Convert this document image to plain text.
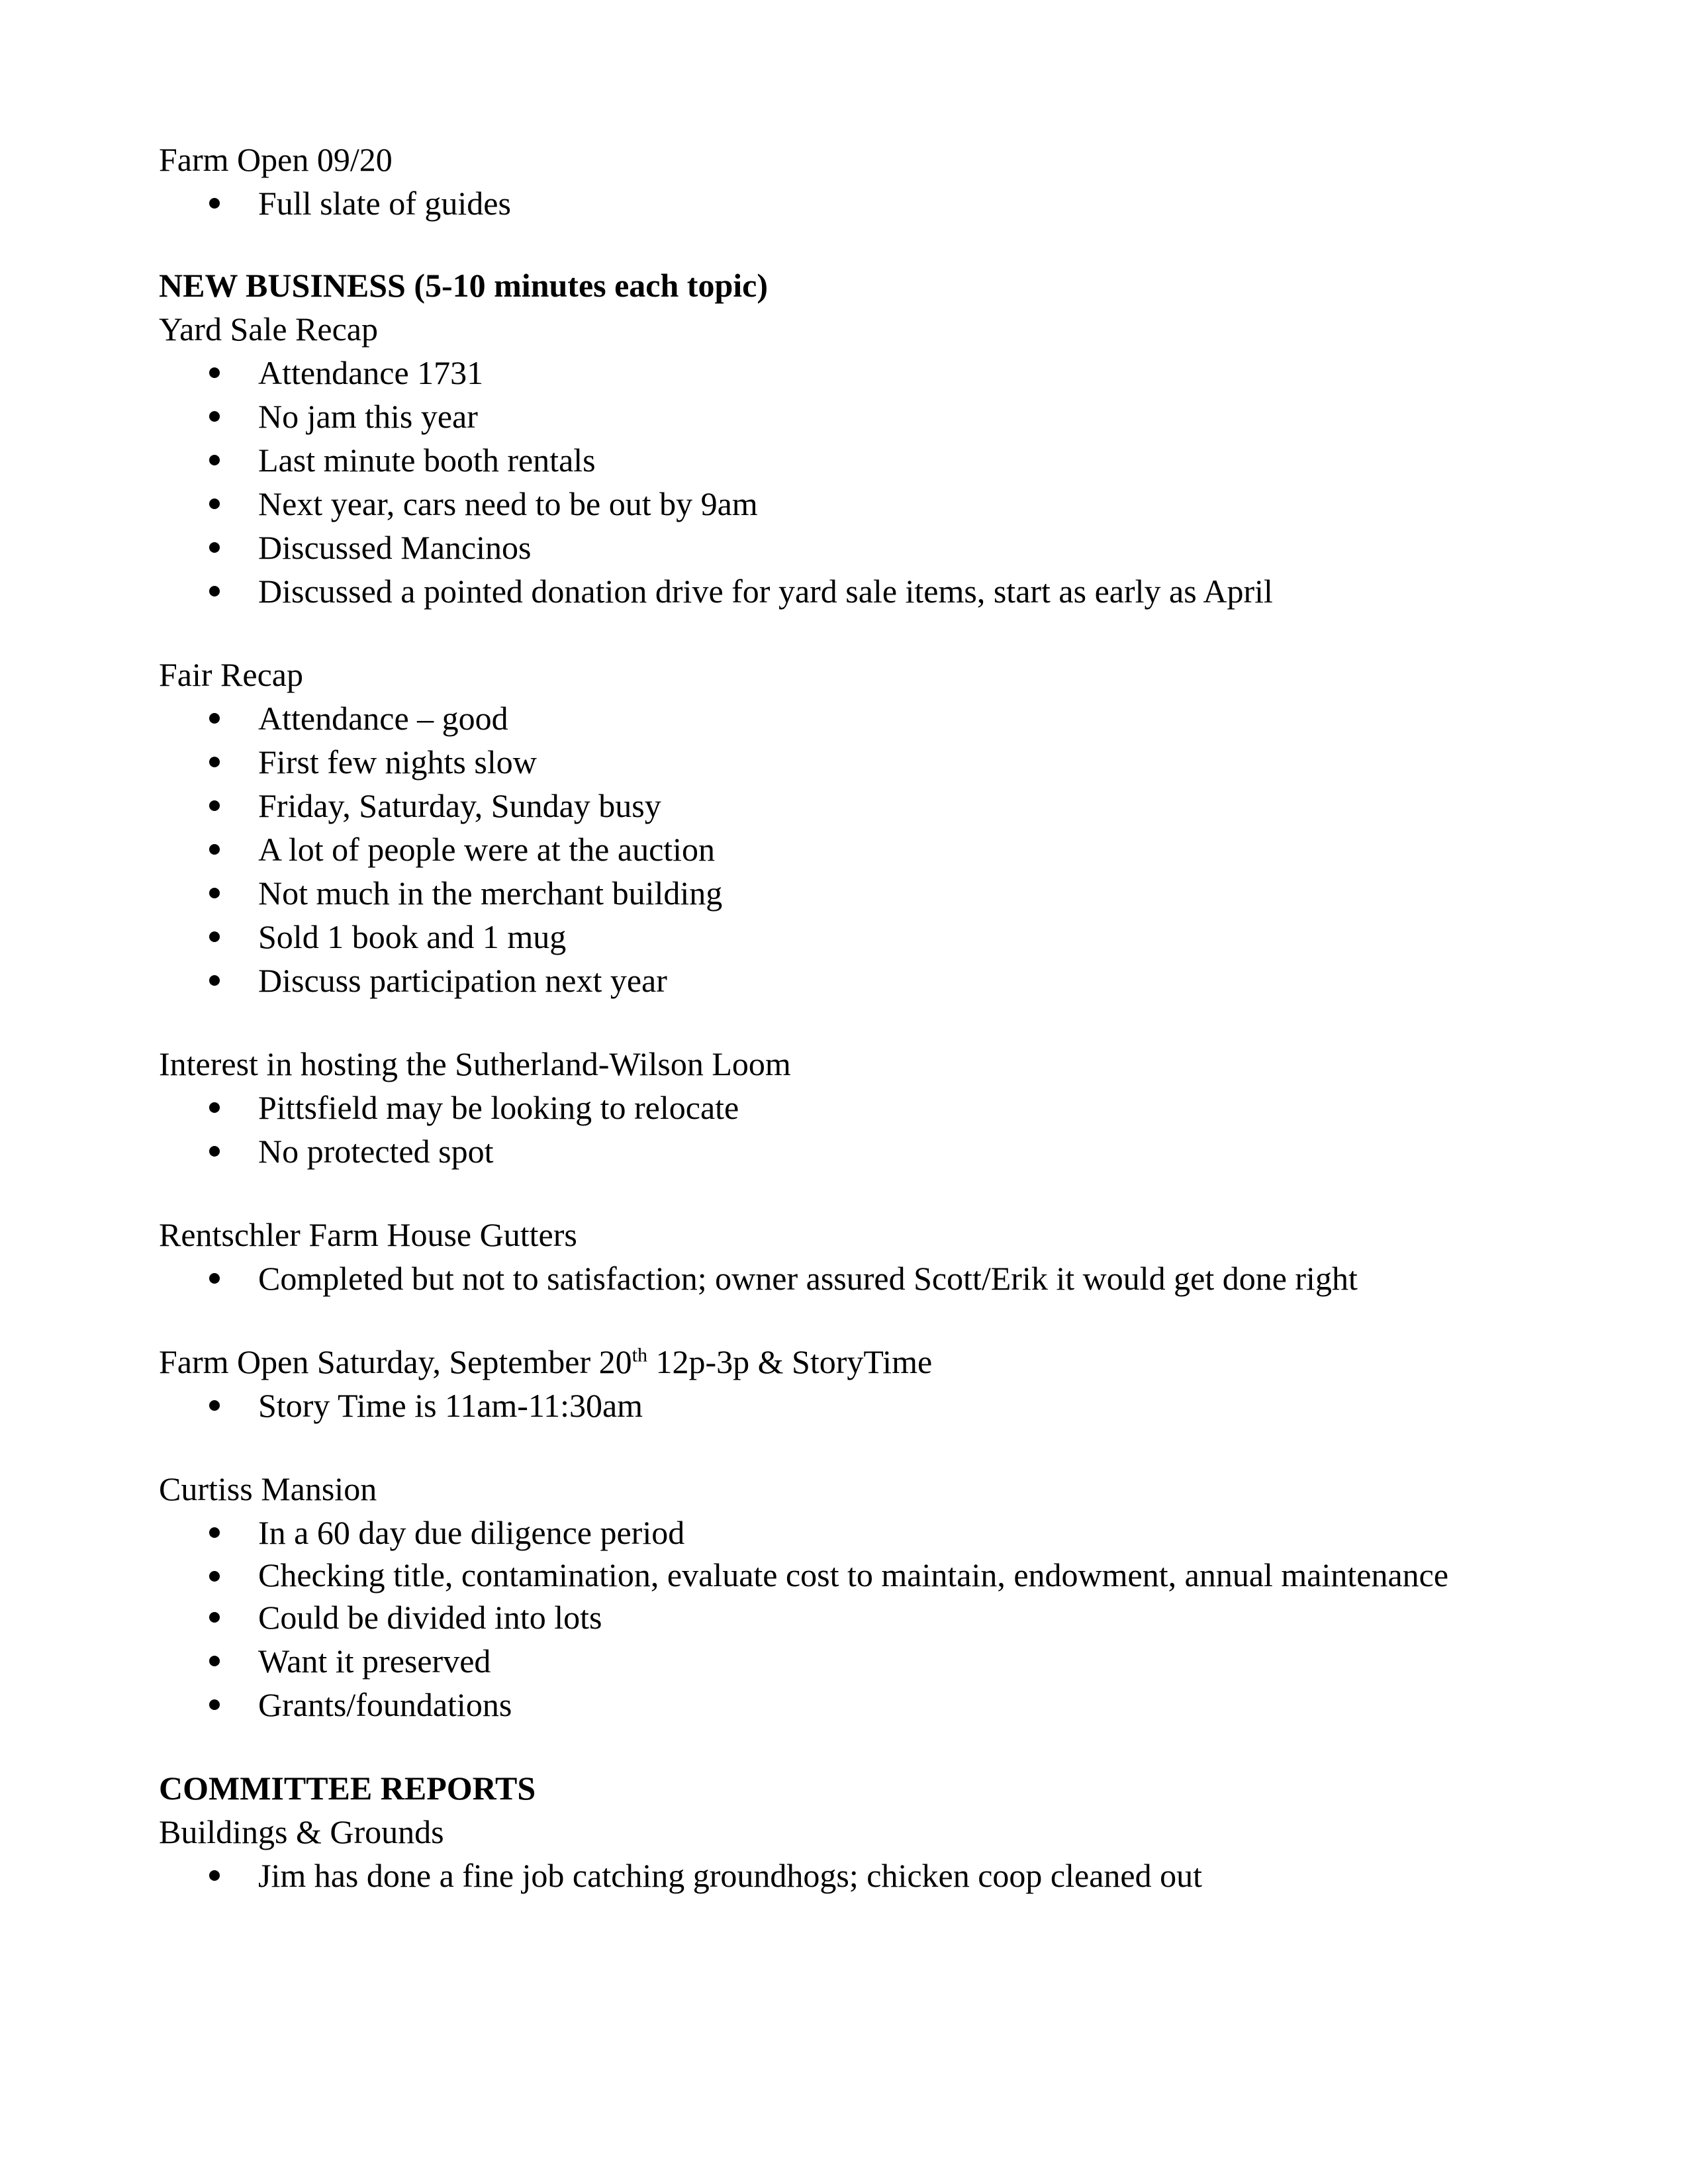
Farm Open 09/20
Full slate of guides
NEW BUSINESS (5-10 minutes each topic)
Yard Sale Recap
Attendance 1731
No jam this year
Last minute booth rentals
Next year, cars need to be out by 9am
Discussed Mancinos
Discussed a pointed donation drive for yard sale items, start as early as April
Fair Recap
Attendance – good
First few nights slow
Friday, Saturday, Sunday busy
A lot of people were at the auction
Not much in the merchant building
Sold 1 book and 1 mug
Discuss participation next year
Interest in hosting the Sutherland-Wilson Loom
Pittsfield may be looking to relocate
No protected spot
Rentschler Farm House Gutters
Completed but not to satisfaction; owner assured Scott/Erik it would get done right
Farm Open Saturday, September 20th 12p-3p & StoryTime
Story Time is 11am-11:30am
Curtiss Mansion
In a 60 day due diligence period
Checking title, contamination, evaluate cost to maintain, endowment, annual maintenance
Could be divided into lots
Want it preserved
Grants/foundations
COMMITTEE REPORTS
Buildings & Grounds
Jim has done a fine job catching groundhogs; chicken coop cleaned out
